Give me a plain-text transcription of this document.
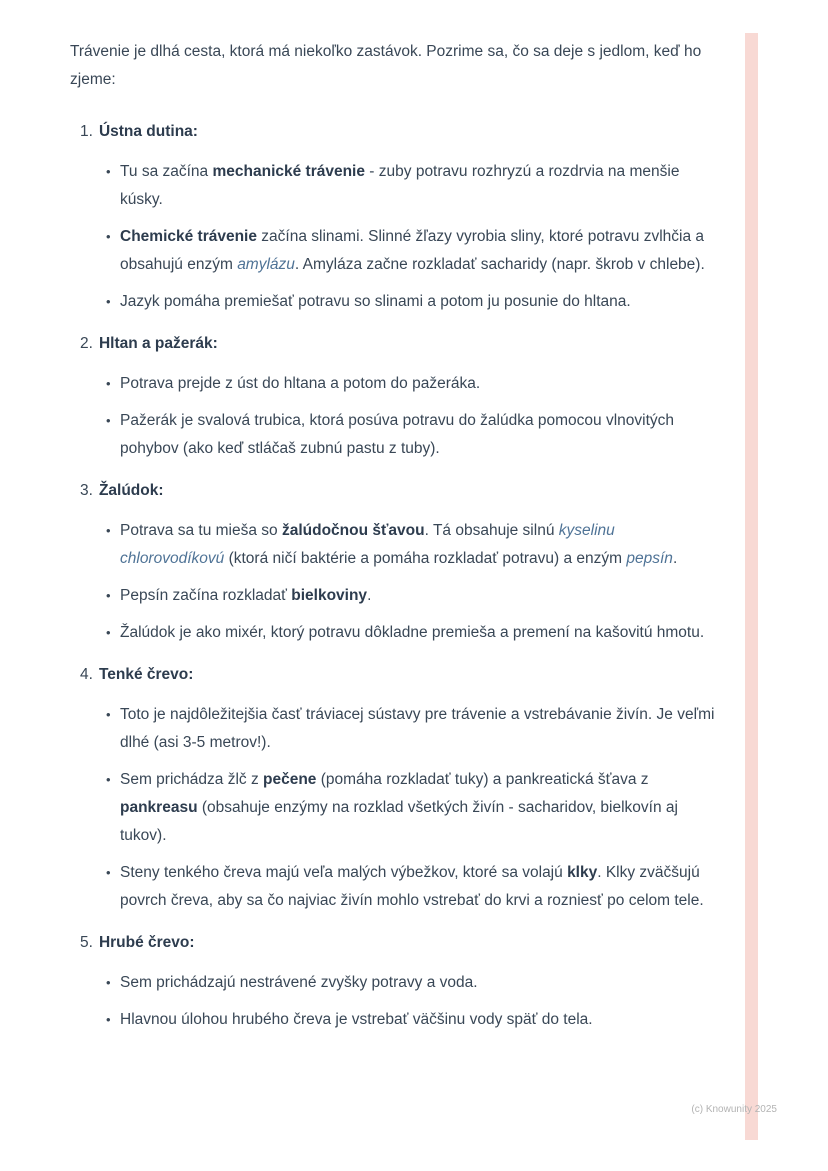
Trávenie je dlhá cesta, ktorá má niekoľko zastávok. Pozrime sa, čo sa deje s jedlom, keď ho zjeme:

1. Ústna dutina:
• Tu sa začína mechanické trávenie - zuby potravu rozhryzú a rozdrvia na menšie kúsky.
• Chemické trávenie začína slinami. Slinné žľazy vyrobia sliny, ktoré potravu zvlhčia a obsahujú enzým amylázu. Amyláza začne rozkladať sacharidy (napr. škrob v chlebe).
• Jazyk pomáha premiešať potravu so slinami a potom ju posunie do hltana.
2. Hltan a pažerák:
• Potrava prejde z úst do hltana a potom do pažeráka.
• Pažerák je svalová trubica, ktorá posúva potravu do žalúdka pomocou vlnovitých pohybov (ako keď stláčaš zubnú pastu z tuby).
3. Žalúdok:
• Potrava sa tu mieša so žalúdočnou šťavou. Tá obsahuje silnú kyselinu chlorovodíkovú (ktorá ničí baktérie a pomáha rozkladať potravu) a enzým pepsín.
• Pepsín začína rozkladať bielkoviny.
• Žalúdok je ako mixér, ktorý potravu dôkladne premieša a premení na kašovitú hmotu.
4. Tenké črevo:
• Toto je najdôležitejšia časť tráviacej sústavy pre trávenie a vstrebávanie živín. Je veľmi dlhé (asi 3-5 metrov!).
• Sem prichádza žlč z pečene (pomáha rozkladať tuky) a pankreatická šťava z pankreasu (obsahuje enzýmy na rozklad všetkých živín - sacharidov, bielkovín aj tukov).
• Steny tenkého čreva majú veľa malých výbežkov, ktoré sa volajú klky. Klky zväčšujú povrch čreva, aby sa čo najviac živín mohlo vstrebať do krvi a rozniesť po celom tele.
5. Hrubé črevo:
• Sem prichádzajú nestrávené zvyšky potravy a voda.
• Hlavnou úlohou hrubého čreva je vstrebať väčšinu vody späť do tela.
(c) Knowunity 2025
